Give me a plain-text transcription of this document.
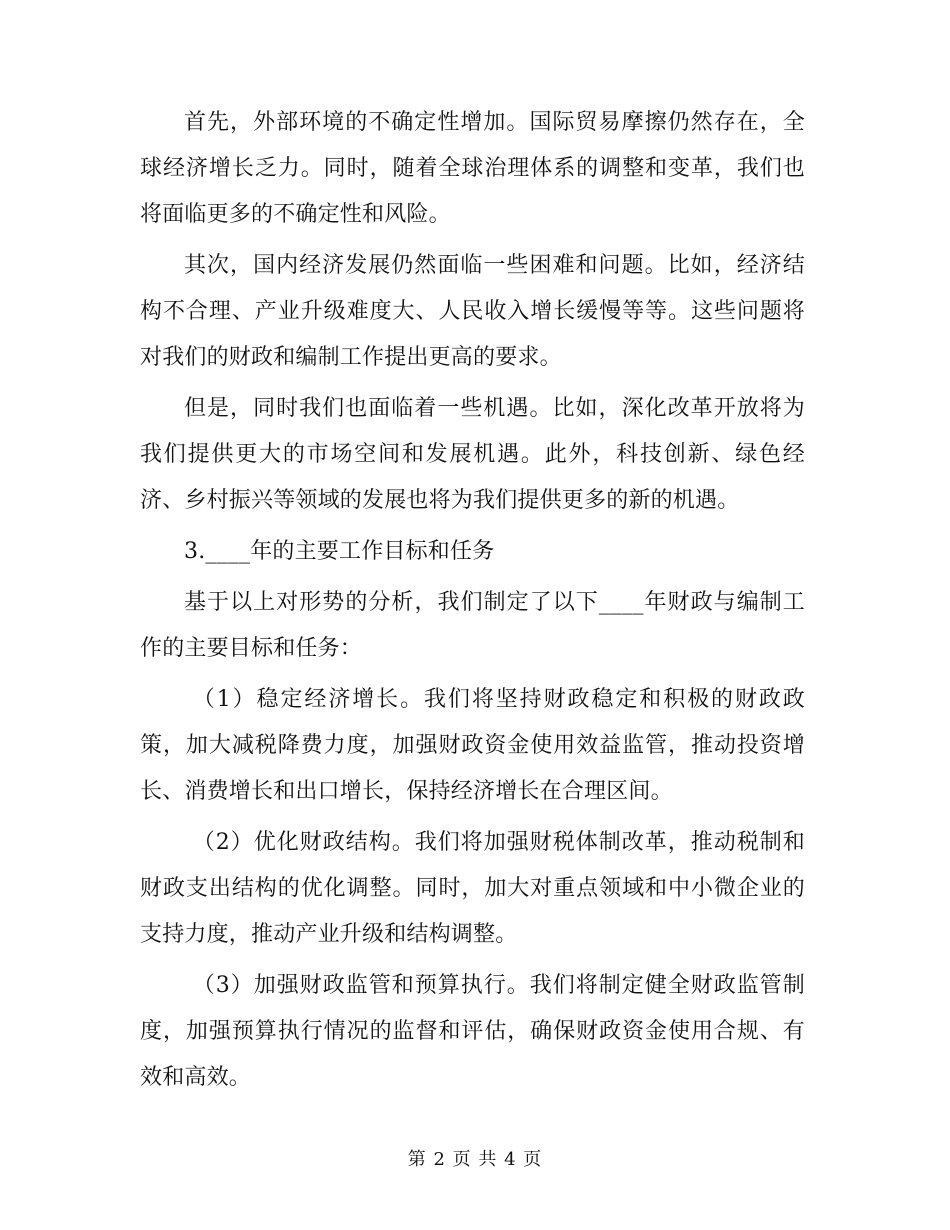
首先，外部环境的不确定性增加。国际贸易摩擦仍然存在，全球经济增长乏力。同时，随着全球治理体系的调整和变革，我们也将面临更多的不确定性和风险。

其次，国内经济发展仍然面临一些困难和问题。比如，经济结构不合理、产业升级难度大、人民收入增长缓慢等等。这些问题将对我们的财政和编制工作提出更高的要求。

但是，同时我们也面临着一些机遇。比如，深化改革开放将为我们提供更大的市场空间和发展机遇。此外，科技创新、绿色经济、乡村振兴等领域的发展也将为我们提供更多的新的机遇。

3.____年的主要工作目标和任务

基于以上对形势的分析，我们制定了以下____年财政与编制工作的主要目标和任务：

（1）稳定经济增长。我们将坚持财政稳定和积极的财政政策，加大减税降费力度，加强财政资金使用效益监管，推动投资增长、消费增长和出口增长，保持经济增长在合理区间。

（2）优化财政结构。我们将加强财税体制改革，推动税制和财政支出结构的优化调整。同时，加大对重点领域和中小微企业的支持力度，推动产业升级和结构调整。

（3）加强财政监管和预算执行。我们将制定健全财政监管制度，加强预算执行情况的监督和评估，确保财政资金使用合规、有效和高效。

第 2 页 共 4 页
